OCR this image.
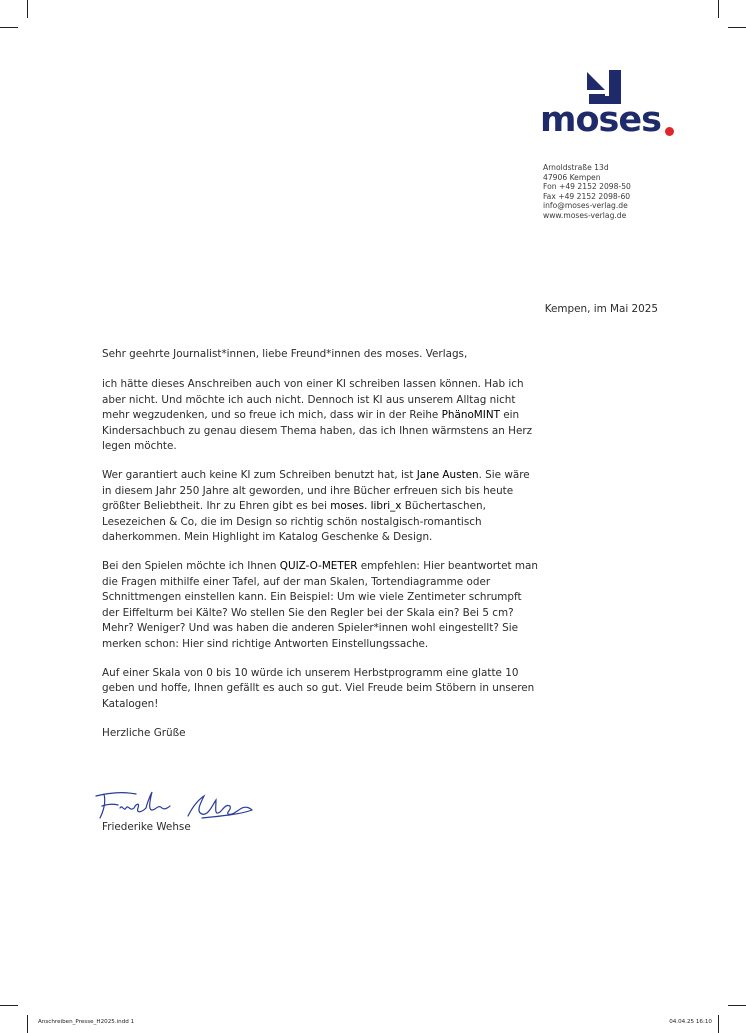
moses
Arnoldstraße 13d
47906 Kempen
Fon +49 2152 2098-50
Fax +49 2152 2098-60
info@moses-verlag.de
www.moses-verlag.de
Kempen, im Mai 2025

Sehr geehrte Journalist*innen, liebe Freund*innen des moses. Verlags,

ich hätte dieses Anschreiben auch von einer KI schreiben lassen können. Hab ich aber nicht. Und möchte ich auch nicht. Dennoch ist KI aus unserem Alltag nicht mehr wegzudenken, und so freue ich mich, dass wir in der Reihe PhänoMINT ein Kindersachbuch zu genau diesem Thema haben, das ich Ihnen wärmstens an Herz legen möchte.

Wer garantiert auch keine KI zum Schreiben benutzt hat, ist Jane Austen. Sie wäre in diesem Jahr 250 Jahre alt geworden, und ihre Bücher erfreuen sich bis heute größter Beliebtheit. Ihr zu Ehren gibt es bei moses. libri_x Büchertaschen, Lesezeichen & Co, die im Design so richtig schön nostalgisch-romantisch daherkommen. Mein Highlight im Katalog Geschenke & Design.

Bei den Spielen möchte ich Ihnen QUIZ-O-METER empfehlen: Hier beantwortet man die Fragen mithilfe einer Tafel, auf der man Skalen, Tortendiagramme oder Schnittmengen einstellen kann. Ein Beispiel: Um wie viele Zentimeter schrumpft der Eiffelturm bei Kälte? Wo stellen Sie den Regler bei der Skala ein? Bei 5 cm? Mehr? Weniger? Und was haben die anderen Spieler*innen wohl eingestellt? Sie merken schon: Hier sind richtige Antworten Einstellungssache.

Auf einer Skala von 0 bis 10 würde ich unserem Herbstprogramm eine glatte 10 geben und hoffe, Ihnen gefällt es auch so gut. Viel Freude beim Stöbern in unseren Katalogen!

Herzliche Grüße

Friederike Wehse
Anschreiben_Presse_H2025.indd 1	04.04.25 16:10
